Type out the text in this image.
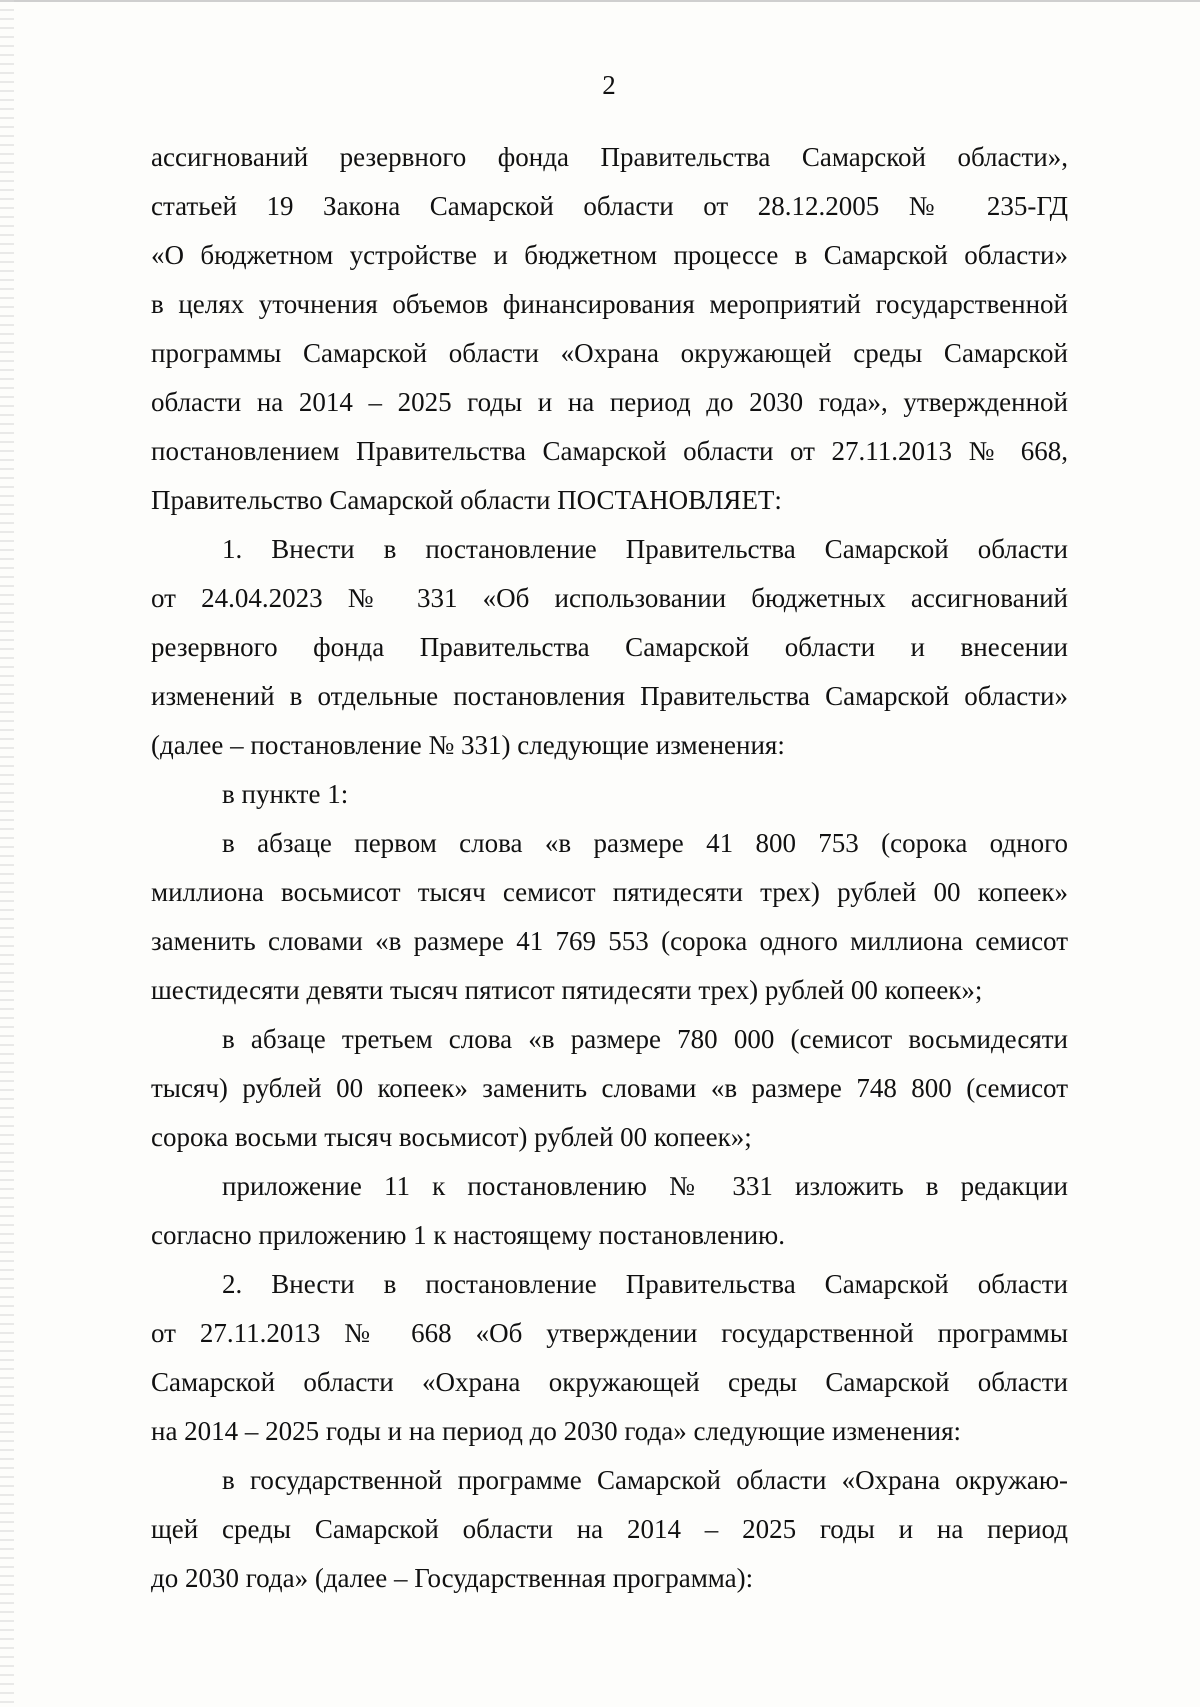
2
ассигнований резервного фонда Правительства Самарской области»,
статьей 19 Закона Самарской области от 28.12.2005 № 235-ГД
«О бюджетном устройстве и бюджетном процессе в Самарской области»
в целях уточнения объемов финансирования мероприятий государственной
программы Самарской области «Охрана окружающей среды Самарской
области на 2014 – 2025 годы и на период до 2030 года», утвержденной
постановлением Правительства Самарской области от 27.11.2013 № 668,
Правительство Самарской области ПОСТАНОВЛЯЕТ:
1. Внести в постановление Правительства Самарской области
от 24.04.2023 № 331 «Об использовании бюджетных ассигнований
резервного фонда Правительства Самарской области и внесении
изменений в отдельные постановления Правительства Самарской области»
(далее – постановление № 331) следующие изменения:
в пункте 1:
в абзаце первом слова «в размере 41 800 753 (сорока одного
миллиона восьмисот тысяч семисот пятидесяти трех) рублей 00 копеек»
заменить словами «в размере 41 769 553 (сорока одного миллиона семисот
шестидесяти девяти тысяч пятисот пятидесяти трех) рублей 00 копеек»;
в абзаце третьем слова «в размере 780 000 (семисот восьмидесяти
тысяч) рублей 00 копеек» заменить словами «в размере 748 800 (семисот
сорока восьми тысяч восьмисот) рублей 00 копеек»;
приложение 11 к постановлению № 331 изложить в редакции
согласно приложению 1 к настоящему постановлению.
2. Внести в постановление Правительства Самарской области
от 27.11.2013 № 668 «Об утверждении государственной программы
Самарской области «Охрана окружающей среды Самарской области
на 2014 – 2025 годы и на период до 2030 года» следующие изменения:
в государственной программе Самарской области «Охрана окружаю-
щей среды Самарской области на 2014 – 2025 годы и на период
до 2030 года» (далее – Государственная программа):
